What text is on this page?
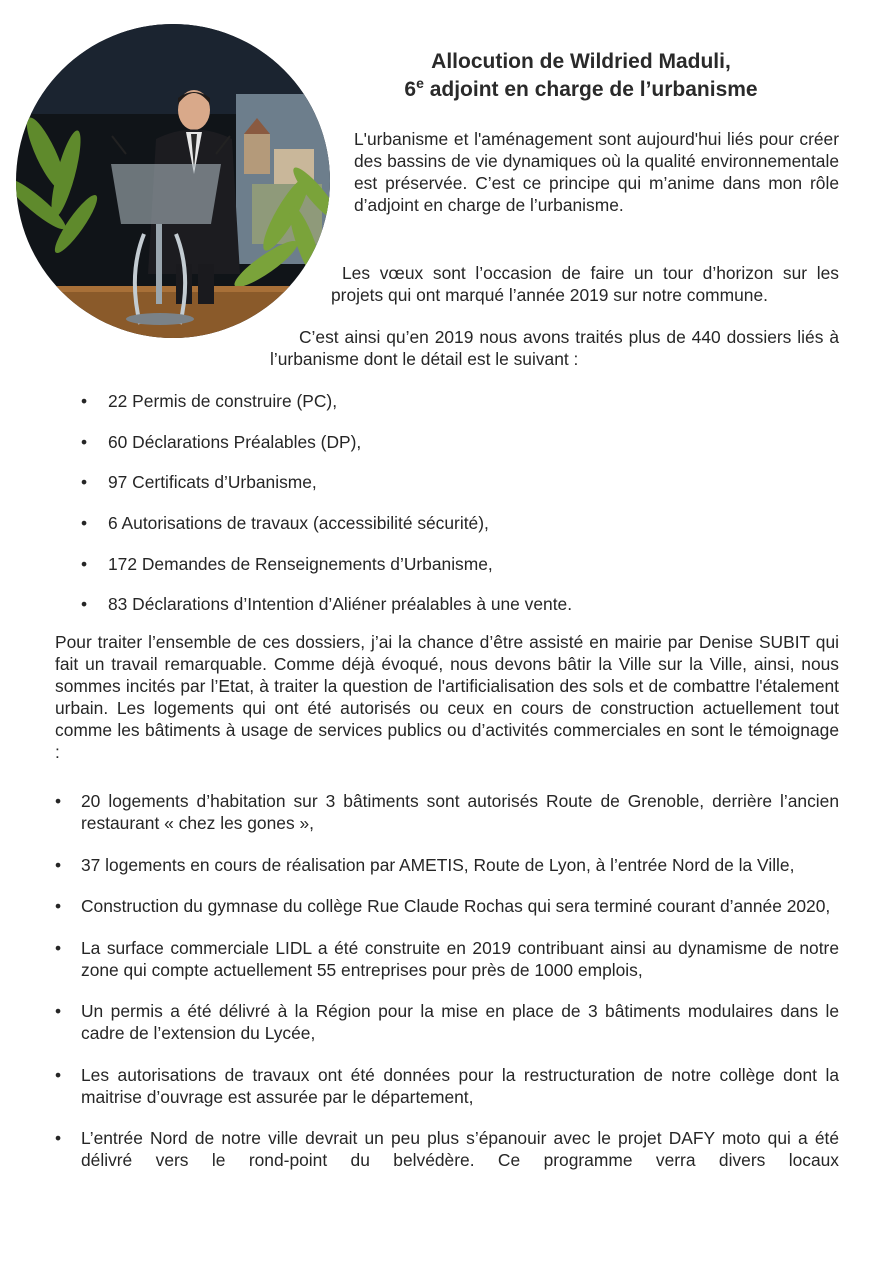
Allocution de Wildried Maduli,
6e adjoint en charge de l’urbanisme

L'urbanisme et l'aménagement sont aujourd'hui liés pour créer des bassins de vie dynamiques où la qualité environnementale est préservée. C’est ce principe qui m’anime dans mon rôle d’adjoint en charge de l’urbanisme.

Les vœux sont l’occasion de faire un tour d’horizon sur les projets qui ont marqué l’année 2019 sur notre commune.

C’est ainsi qu’en 2019 nous avons traités plus de 440 dossiers liés à l’urbanisme dont le détail est le suivant :

• 22 Permis de construire (PC),
• 60 Déclarations Préalables (DP),
• 97 Certificats d’Urbanisme,
• 6 Autorisations de travaux (accessibilité sécurité),
• 172 Demandes de Renseignements d’Urbanisme,
• 83 Déclarations d’Intention d’Aliéner préalables à une vente.

Pour traiter l’ensemble de ces dossiers, j’ai la chance d’être assisté en mairie par Denise SUBIT qui fait un travail remarquable. Comme déjà évoqué, nous devons bâtir la Ville sur la Ville, ainsi, nous sommes incités par l’Etat, à traiter la question de l'artificialisation des sols et de combattre l'étalement urbain. Les logements qui ont été autorisés ou ceux en cours de construction actuellement tout comme les bâtiments à usage de services publics ou d’activités commerciales en sont le témoignage :

• 20 logements d’habitation sur 3 bâtiments sont autorisés Route de Grenoble, derrière l’ancien restaurant « chez les gones »,
• 37 logements en cours de réalisation par AMETIS, Route de Lyon, à l’entrée Nord de la Ville,
• Construction du gymnase du collège Rue Claude Rochas qui sera terminé courant d’année 2020,
• La surface commerciale LIDL a été construite en 2019 contribuant ainsi au dynamisme de notre zone qui compte actuellement 55 entreprises pour près de 1000 emplois,
• Un permis a été délivré à la Région pour la mise en place de 3 bâtiments modulaires dans le cadre de l’extension du Lycée,
• Les autorisations de travaux ont été données pour la restructuration de notre collège dont la maitrise d’ouvrage est assurée par le département,
• L’entrée Nord de notre ville devrait un peu plus s’épanouir avec le projet DAFY moto qui a été délivré vers le rond-point du belvédère. Ce programme verra divers locaux
